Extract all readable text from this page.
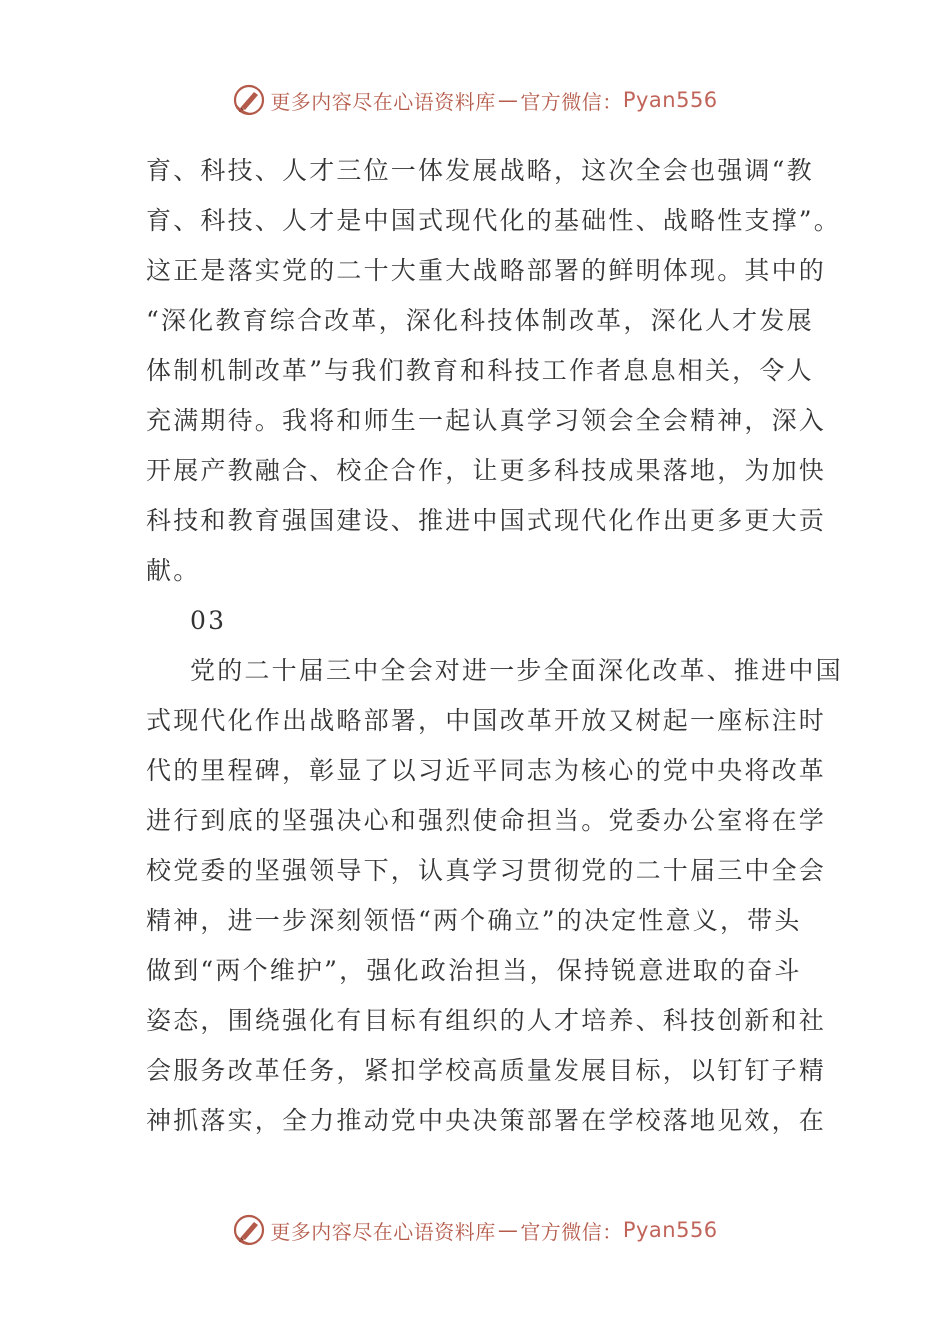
更多内容尽在心语资料库 — 官方微信： Pyan556
育、科技、人才三位一体发展战略，这次全会也强调“教
育、科技、人才是中国式现代化的基础性、战略性支撑”。
这正是落实党的二十大重大战略部署的鲜明体现。其中的
“深化教育综合改革，深化科技体制改革，深化人才发展
体制机制改革”与我们教育和科技工作者息息相关，令人
充满期待。我将和师生一起认真学习领会全会精神，深入
开展产教融合、校企合作，让更多科技成果落地，为加快
科技和教育强国建设、推进中国式现代化作出更多更大贡
献。
03
党的二十届三中全会对进一步全面深化改革、推进中国
式现代化作出战略部署，中国改革开放又树起一座标注时
代的里程碑，彰显了以习近平同志为核心的党中央将改革
进行到底的坚强决心和强烈使命担当。党委办公室将在学
校党委的坚强领导下，认真学习贯彻党的二十届三中全会
精神，进一步深刻领悟“两个确立”的决定性意义，带头
做到“两个维护”，强化政治担当，保持锐意进取的奋斗
姿态，围绕强化有目标有组织的人才培养、科技创新和社
会服务改革任务，紧扣学校高质量发展目标，以钉钉子精
神抓落实，全力推动党中央决策部署在学校落地见效，在
更多内容尽在心语资料库 — 官方微信： Pyan556
